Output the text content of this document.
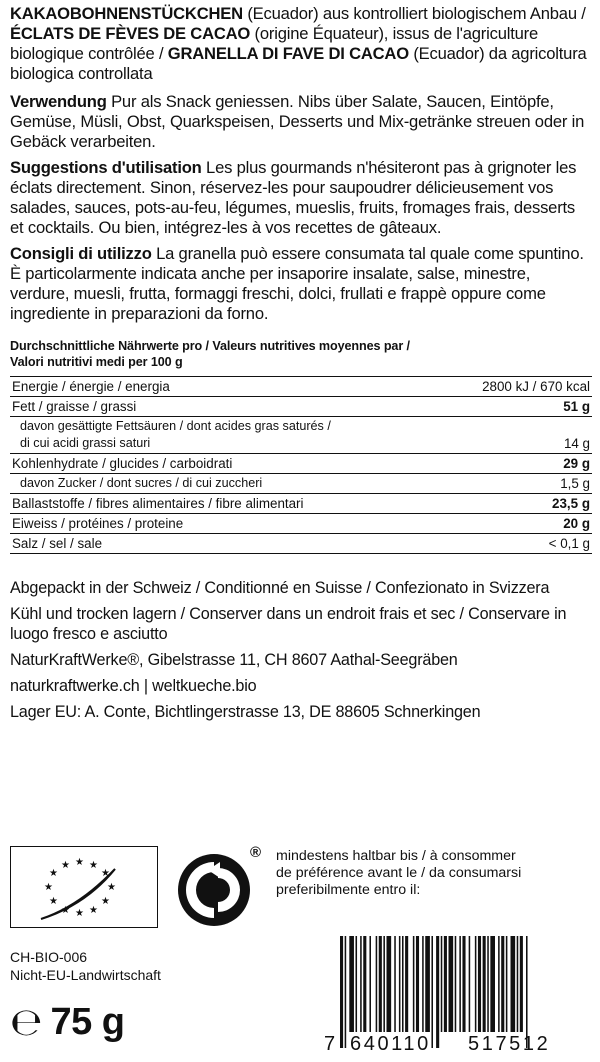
KAKAOBOHNENSTÜCKCHEN (Ecuador) aus kontrolliert biologischem Anbau / ÉCLATS DE FÈVES DE CACAO (origine Équateur), issus de l'agriculture biologique contrôlée / GRANELLA DI FAVE DI CACAO (Ecuador) da agricoltura biologica controllata

Verwendung Pur als Snack geniessen. Nibs über Salate, Saucen, Eintöpfe, Gemüse, Müsli, Obst, Quarkspeisen, Desserts und Mix-getränke streuen oder in Gebäck verarbeiten.

Suggestions d'utilisation Les plus gourmands n'hésiteront pas à grignoter les éclats directement. Sinon, réservez-les pour saupoudrer délicieusement vos salades, sauces, pots-au-feu, légumes, mueslis, fruits, fromages frais, desserts et cocktails. Ou bien, intégrez-les à vos recettes de gâteaux.

Consigli di utilizzo La granella può essere consumata tal quale come spuntino. È particolarmente indicata anche per insaporire insalate, salse, minestre, verdure, muesli, frutta, formaggi freschi, dolci, frullati e frappè oppure come ingrediente in preparazioni da forno.

Durchschnittliche Nährwerte pro / Valeurs nutritives moyennes par /
Valori nutritivi medi per 100 g
Energie / énergie / energia	2800 kJ / 670 kcal
Fett / graisse / grassi	51 g

davon gesättigte Fettsäuren / dont acides gras saturés /
di cui acidi grassi saturi	14 g
Kohlenhydrate / glucides / carboidrati	29 g
davon Zucker / dont sucres / di cui zuccheri	1,5 g
Ballaststoffe / fibres alimentaires / fibre alimentari	23,5 g
Eiweiss / protéines / proteine	20 g
Salz / sel / sale	< 0,1 g
Abgepackt in der Schweiz / Conditionné en Suisse / Confezionato in Svizzera
Kühl und trocken lagern / Conserver dans un endroit frais et sec / Conservare in luogo fresco e asciutto
NaturKraftWerke®, Gibelstrasse 11, CH 8607 Aathal-Seegräben
naturkraftwerke.ch | weltkueche.bio
Lager EU: A. Conte, Bichtlingerstrasse 13, DE 88605 Schnerkingen
★ ★
★
★
★
★
★
★
★
★
★
★
® mindestens haltbar bis / à consommer
de préférence avant le / da consumarsi
preferibilmente entro il:
CH-BIO-006
Nicht-EU-Landwirtschaft
℮ 75 g
7 640110 517512
